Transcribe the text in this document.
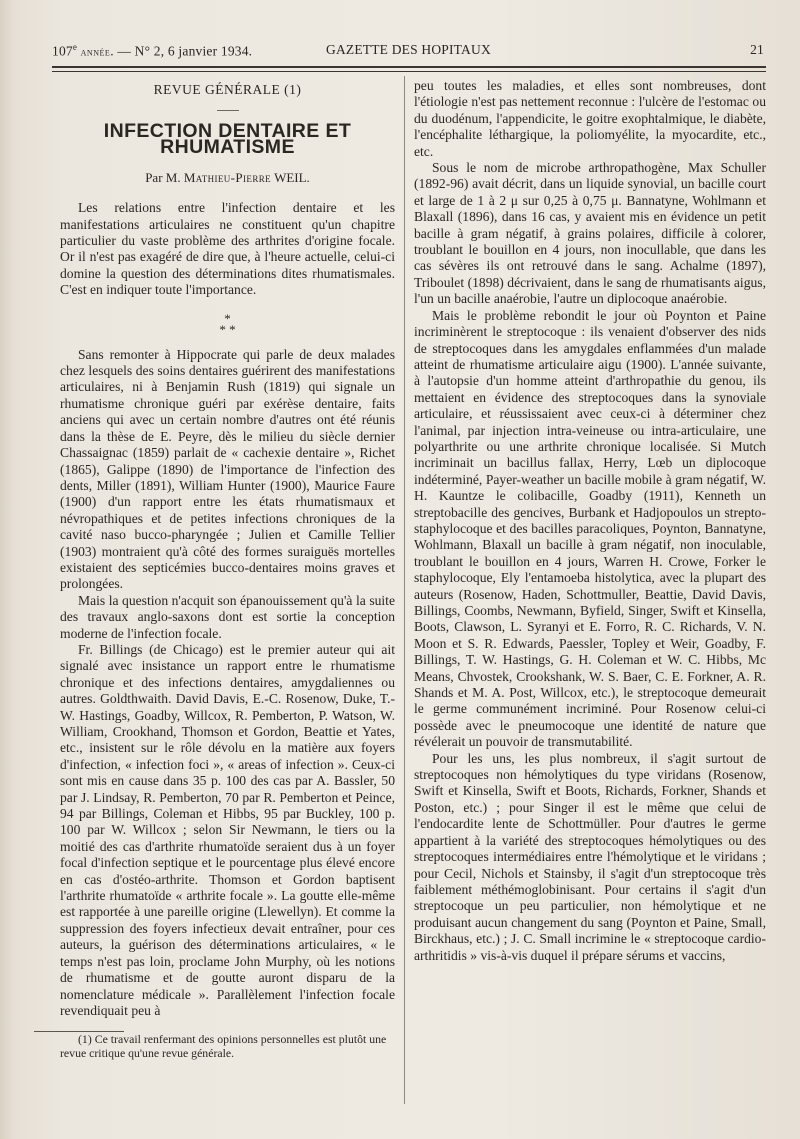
107e année. — N° 2, 6 janvier 1934.	GAZETTE DES HOPITAUX	21
REVUE GÉNÉRALE (1)
INFECTION DENTAIRE ET RHUMATISME
Par M. Mathieu-Pierre WEIL.

Les relations entre l'infection dentaire et les manifestations articulaires ne constituent qu'un chapitre particulier du vaste problème des arthrites d'origine focale. Or il n'est pas exagéré de dire que, à l'heure actuelle, celui-ci domine la question des déterminations dites rhumatismales. C'est en indiquer toute l'importance.

*
* *

Sans remonter à Hippocrate qui parle de deux malades chez lesquels des soins dentaires guérirent des manifestations articulaires, ni à Benjamin Rush (1819) qui signale un rhumatisme chronique guéri par exérèse dentaire, faits anciens qui avec un certain nombre d'autres ont été réunis dans la thèse de E. Peyre, dès le milieu du siècle dernier Chassaignac (1859) parlait de « cachexie dentaire », Richet (1865), Galippe (1890) de l'importance de l'infection des dents, Miller (1891), William Hunter (1900), Maurice Faure (1900) d'un rapport entre les états rhumatismaux et névropathiques et de petites infections chroniques de la cavité naso bucco-pharyngée ; Julien et Camille Tellier (1903) montraient qu'à côté des formes suraiguës mortelles existaient des septicémies bucco-dentaires moins graves et prolongées.

Mais la question n'acquit son épanouissement qu'à la suite des travaux anglo-saxons dont est sortie la conception moderne de l'infection focale.

Fr. Billings (de Chicago) est le premier auteur qui ait signalé avec insistance un rapport entre le rhumatisme chronique et des infections dentaires, amygdaliennes ou autres. Goldthwaith. David Davis, E.-C. Rosenow, Duke, T.-W. Hastings, Goadby, Willcox, R. Pemberton, P. Watson, W. William, Crookhand, Thomson et Gordon, Beattie et Yates, etc., insistent sur le rôle dévolu en la matière aux foyers d'infection, « infection foci », « areas of infection ». Ceux-ci sont mis en cause dans 35 p. 100 des cas par A. Bassler, 50 par J. Lindsay, R. Pemberton, 70 par R. Pemberton et Peince, 94 par Billings, Coleman et Hibbs, 95 par Buckley, 100 p. 100 par W. Willcox ; selon Sir Newmann, le tiers ou la moitié des cas d'arthrite rhumatoïde seraient dus à un foyer focal d'infection septique et le pourcentage plus élevé encore en cas d'ostéo-arthrite. Thomson et Gordon baptisent l'arthrite rhumatoïde « arthrite focale ». La goutte elle-même est rapportée à une pareille origine (Llewellyn). Et comme la suppression des foyers infectieux devait entraîner, pour ces auteurs, la guérison des déterminations articulaires, « le temps n'est pas loin, proclame John Murphy, où les notions de rhumatisme et de goutte auront disparu de la nomenclature médicale ». Parallèlement l'infection focale revendiquait peu à

(1) Ce travail renfermant des opinions personnelles est plutôt une revue critique qu'une revue générale.

peu toutes les maladies, et elles sont nombreuses, dont l'étiologie n'est pas nettement reconnue : l'ulcère de l'estomac ou du duodénum, l'appendicite, le goitre exophtalmique, le diabète, l'encéphalite léthargique, la poliomyélite, la myocardite, etc., etc.

Sous le nom de microbe arthropathogène, Max Schuller (1892-96) avait décrit, dans un liquide synovial, un bacille court et large de 1 à 2 μ sur 0,25 à 0,75 μ. Bannatyne, Wohlmann et Blaxall (1896), dans 16 cas, y avaient mis en évidence un petit bacille à gram négatif, à grains polaires, difficile à colorer, troublant le bouillon en 4 jours, non inocullable, que dans les cas sévères ils ont retrouvé dans le sang. Achalme (1897), Triboulet (1898) décrivaient, dans le sang de rhumatisants aigus, l'un un bacille anaérobie, l'autre un diplocoque anaérobie.

Mais le problème rebondit le jour où Poynton et Paine incriminèrent le streptocoque : ils venaient d'observer des nids de streptocoques dans les amygdales enflammées d'un malade atteint de rhumatisme articulaire aigu (1900). L'année suivante, à l'autopsie d'un homme atteint d'arthropathie du genou, ils mettaient en évidence des streptocoques dans la synoviale articulaire, et réussissaient avec ceux-ci à déterminer chez l'animal, par injection intra-veineuse ou intra-articulaire, une polyarthrite ou une arthrite chronique localisée. Si Mutch incriminait un bacillus fallax, Herry, Lœb un diplocoque indéterminé, Payer-weather un bacille mobile à gram négatif, W. H. Kauntze le colibacille, Goadby (1911), Kenneth un streptobacille des gencives, Burbank et Hadjopoulos un strepto-staphylocoque et des bacilles paracoliques, Poynton, Bannatyne, Wohlmann, Blaxall un bacille à gram négatif, non inoculable, troublant le bouillon en 4 jours, Warren H. Crowe, Forker le staphylocoque, Ely l'entamoeba histolytica, avec la plupart des auteurs (Rosenow, Haden, Schottmuller, Beattie, David Davis, Billings, Coombs, Newmann, Byfield, Singer, Swift et Kinsella, Boots, Clawson, L. Syranyi et E. Forro, R. C. Richards, V. N. Moon et S. R. Edwards, Paessler, Topley et Weir, Goadby, F. Billings, T. W. Hastings, G. H. Coleman et W. C. Hibbs, Mc Means, Chvostek, Crookshank, W. S. Baer, C. E. Forkner, A. R. Shands et M. A. Post, Willcox, etc.), le streptocoque demeurait le germe communément incriminé. Pour Rosenow celui-ci possède avec le pneumocoque une identité de nature que révélerait un pouvoir de transmutabilité.

Pour les uns, les plus nombreux, il s'agit surtout de streptocoques non hémolytiques du type viridans (Rosenow, Swift et Kinsella, Swift et Boots, Richards, Forkner, Shands et Poston, etc.) ; pour Singer il est le même que celui de l'endocardite lente de Schottmüller. Pour d'autres le germe appartient à la variété des streptocoques hémolytiques ou des streptocoques intermédiaires entre l'hémolytique et le viridans ; pour Cecil, Nichols et Stainsby, il s'agit d'un streptocoque très faiblement méthémoglobinisant. Pour certains il s'agit d'un streptocoque un peu particulier, non hémolytique et ne produisant aucun changement du sang (Poynton et Paine, Small, Birckhaus, etc.) ; J. C. Small incrimine le « streptocoque cardio-arthritidis » vis-à-vis duquel il prépare sérums et vaccins,
